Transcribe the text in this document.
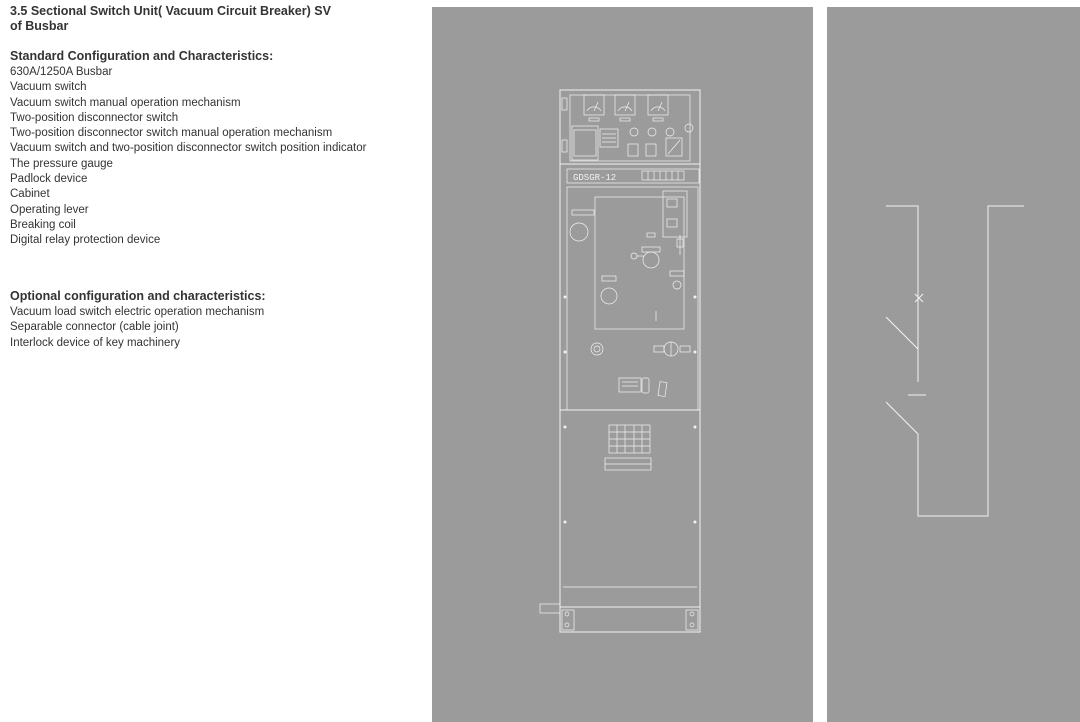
3.5 Sectional Switch Unit( Vacuum Circuit Breaker) SV of Busbar
Standard Configuration and Characteristics:
630A/1250A Busbar
Vacuum switch
Vacuum switch manual operation mechanism
Two-position disconnector switch
Two-position disconnector switch manual operation mechanism
Vacuum switch and two-position disconnector switch position indicator
The pressure gauge
Padlock device
Cabinet
Operating lever
Breaking coil
Digital relay protection device
Optional configuration and characteristics:
Vacuum load switch electric operation mechanism
Separable connector (cable joint)
Interlock device of key machinery
GDSGR-12
